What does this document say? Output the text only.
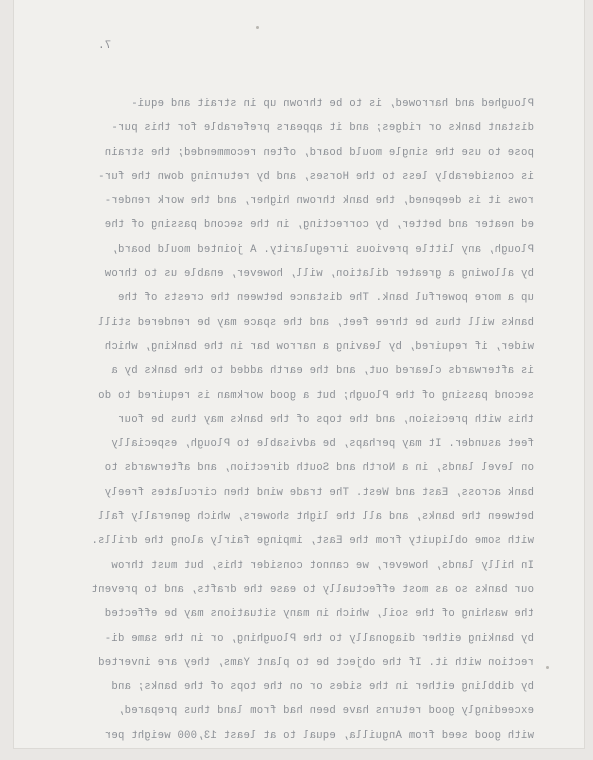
7.
Ploughed and harrowed, is to be thrown up in strait and equi-
distant banks or ridges; and it appears preferable for this pur-
pose to use the single mould board, often recommended; the strain
is considerably less to the Horses, and by returning down the fur-
rows it is deepened, the bank thrown higher, and the work render-
ed neater and better, by correcting, in the second passing of the
Plough, any little previous irregularity. A jointed mould board,
by allowing a greater dilation, will, however, enable us to throw
up a more powerful bank. The distance between the crests of the
banks will thus be three feet, and the space may be rendered still
wider, if required, by leaving a narrow bar in the banking, which
is afterwards cleared out, and the earth added to the banks by a
second passing of the Plough; but a good workman is required to do
this with precision, and the tops of the banks may thus be four
feet asunder. It may perhaps, be advisable to Plough, especially
on level lands, in a North and South direction, and afterwards to
bank across, East and West. The trade wind then circulates freely
between the banks, and all the light showers, which generally fall
with some obliquity from the East, impinge fairly along the drills.
In hilly lands, however, we cannot consider this, but must throw
our banks so as most effectually to ease the drafts, and to prevent
the washing of the soil, which in many situations may be effected
by banking either diagonally to the Ploughing, or in the same di-
rection with it. If the object be to plant Yams, they are inverted
by dibbling either in the sides or on the tops of the banks; and
exceedingly good returns have been had from land thus prepared,
with good seed from Anguilla, equal to at least 13,000 weight per
